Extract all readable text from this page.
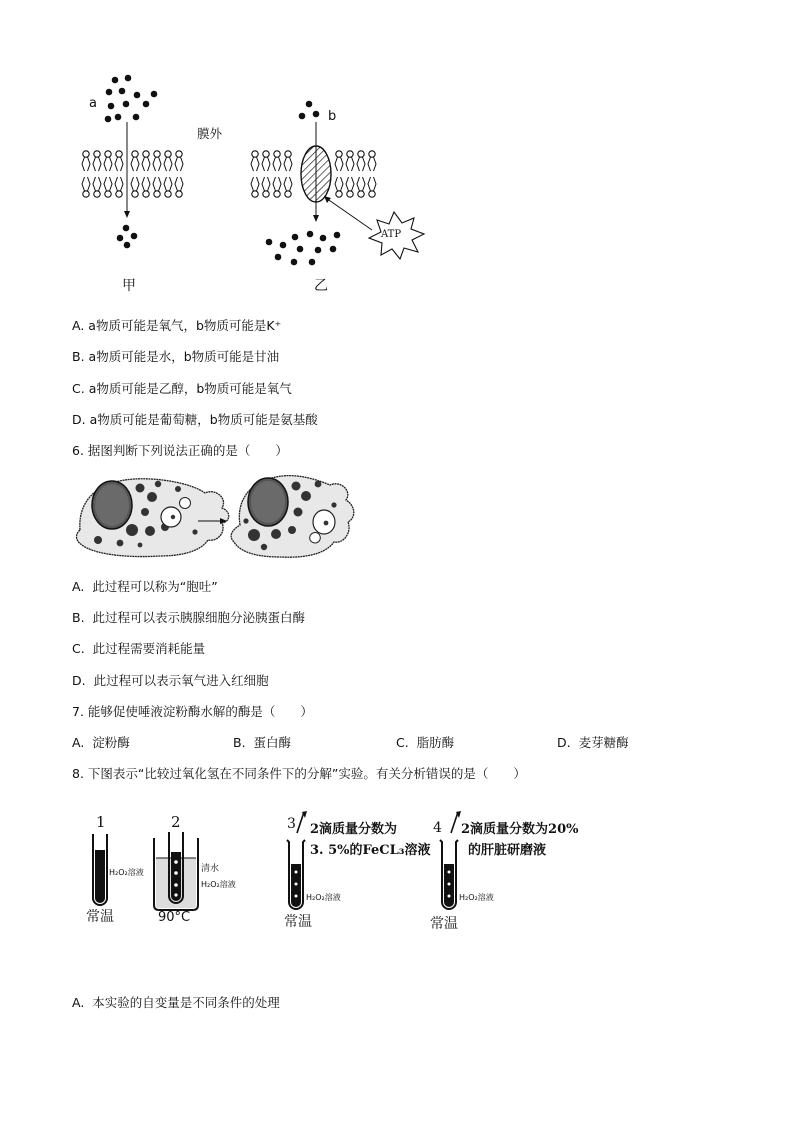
a
b
膜外
ATP
甲	乙
A. a物质可能是氧气，b物质可能是K⁺
B. a物质可能是水，b物质可能是甘油
C. a物质可能是乙醇，b物质可能是氧气
D. a物质可能是葡萄糖，b物质可能是氨基酸
6. 据图判断下列说法正确的是（　　）
A. 此过程可以称为“胞吐”
B. 此过程可以表示胰腺细胞分泌胰蛋白酶
C. 此过程需要消耗能量
D. 此过程可以表示氧气进入红细胞
7. 能够促使唾液淀粉酶水解的酶是（　　）
A. 淀粉酶	B. 蛋白酶	C. 脂肪酶	D. 麦芽糖酶
8. 下图表示“比较过氧化氢在不同条件下的分解”实验。有关分析错误的是（　　）
1
H₂O₂溶液
常温
2
清水
H₂O₂溶液
90°C
3 2滴质量分数为
3. 5%的FeCL₃溶液
H₂O₂溶液
常温
4 2滴质量分数为20%
的肝脏研磨液
H₂O₂溶液
常温
A. 本实验的自变量是不同条件的处理
